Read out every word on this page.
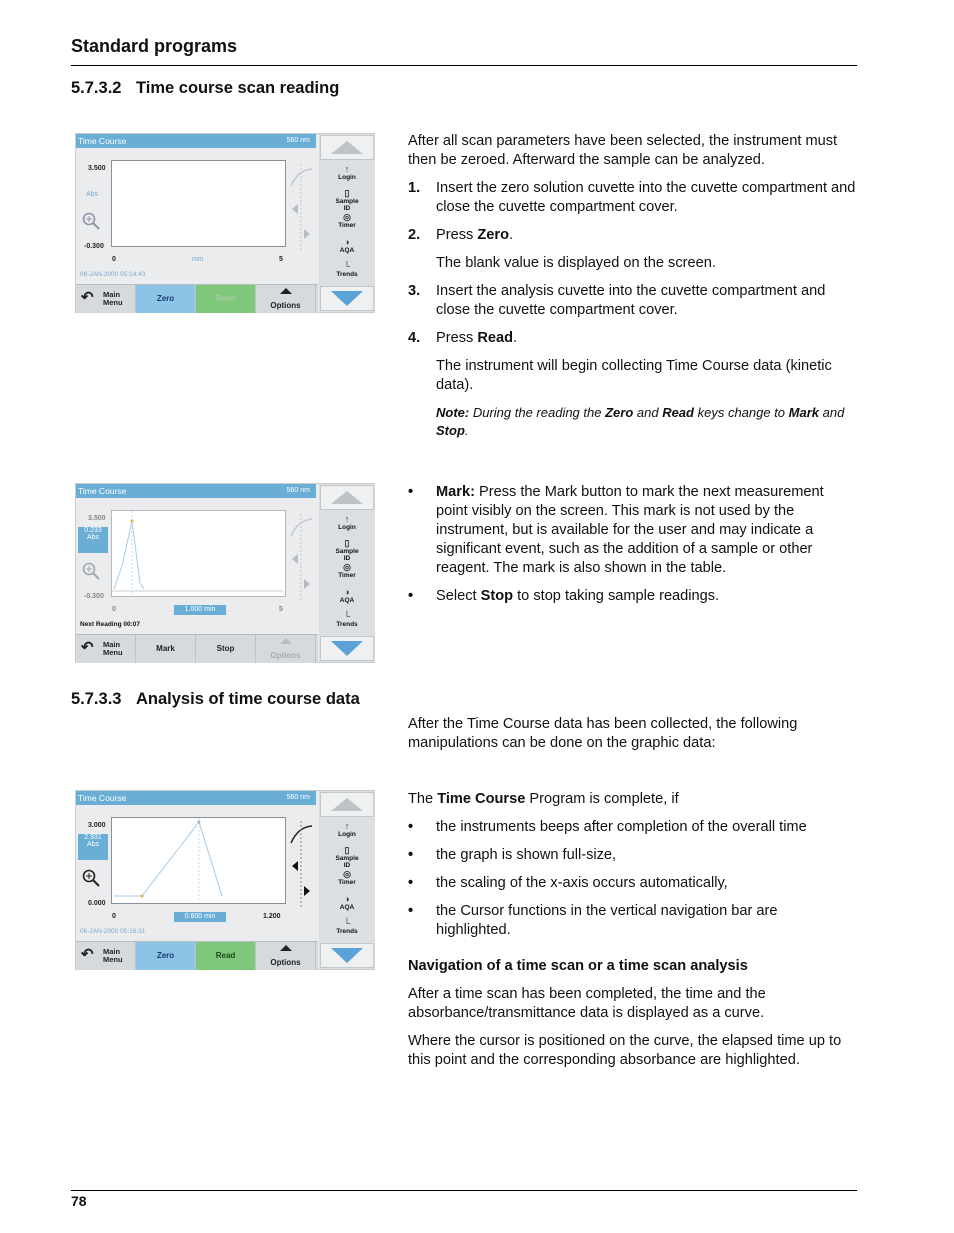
Standard programs
5.7.3.2 Time course scan reading
Time Course	560 nm
3.500
Abs
-0.300
0	min	5
06-JAN-2000 05:14:43
↶ Main Menu	Zero	Read
Options
↑
Login
▯
Sample ID
◎
Timer
◑
AQA
└
Trends

After all scan parameters have been selected, the instrument must then be zeroed. Afterward the sample can be analyzed.

1. Insert the zero solution cuvette into the cuvette compartment and close the cuvette compartment cover.
2. Press Zero.
The blank value is displayed on the screen.
3. Insert the analysis cuvette into the cuvette compartment and close the cuvette compartment cover.
4. Press Read.
The instrument will begin collecting Time Course data (kinetic data).
Note: During the reading the Zero and Read keys change to Mark and Stop.
Time Course	560 nm
3.500
0.233
Abs
-0.300
0	1.000 min	5
Next Reading 00:07
↶ Main Menu	Mark	Stop
Options
↑
Login
▯
Sample ID
◎
Timer
◑
AQA
└
Trends
• Mark: Press the Mark button to mark the next measurement point visibly on the screen. This mark is not used by the instrument, but is available for the user and may indicate a significant event, such as the addition of a sample or other reagent. The mark is also shown in the table.
• Select Stop to stop taking sample readings.
5.7.3.3 Analysis of time course data
After the Time Course data has been collected, the following manipulations can be done on the graphic data:
Time Course	560 nm
3.000
2.931
Abs
0.000
0	0.600 min	1.200
06-JAN-2000 05:16:31
↶ Main Menu	Zero	Read
Options
↑
Login
▯
Sample ID
◎
Timer
◑
AQA
└
Trends

The Time Course Program is complete, if

• the instruments beeps after completion of the overall time
• the graph is shown full-size,
• the scaling of the x-axis occurs automatically,
• the Cursor functions in the vertical navigation bar are highlighted.

Navigation of a time scan or a time scan analysis

After a time scan has been completed, the time and the absorbance/transmittance data is displayed as a curve.

Where the cursor is positioned on the curve, the elapsed time up to this point and the corresponding absorbance are highlighted.

78
